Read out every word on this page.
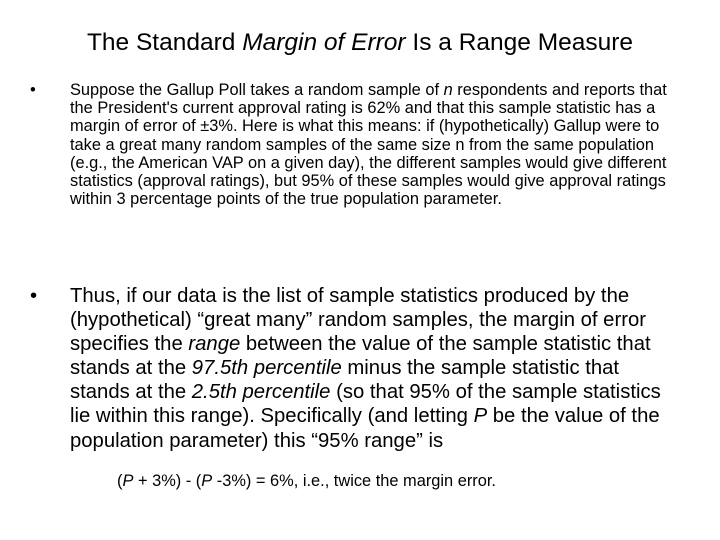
The Standard Margin of Error Is a Range Measure
•	Suppose the Gallup Poll takes a random sample of n respondents and reports that the President's current approval rating is 62% and that this sample statistic has a margin of error of ±3%. Here is what this means: if (hypothetically) Gallup were to take a great many random samples of the same size n from the same population (e.g., the American VAP on a given day), the different samples would give different statistics (approval ratings), but 95% of these samples would give approval ratings within 3 percentage points of the true population parameter.
•	Thus, if our data is the list of sample statistics produced by the (hypothetical) “great many” random samples, the margin of error specifies the range between the value of the sample statistic that stands at the 97.5th percentile minus the sample statistic that stands at the 2.5th percentile (so that 95% of the sample statistics lie within this range). Specifically (and letting P be the value of the population parameter) this “95% range” is
(P + 3%) - (P -3%) = 6%, i.e., twice the margin error.
